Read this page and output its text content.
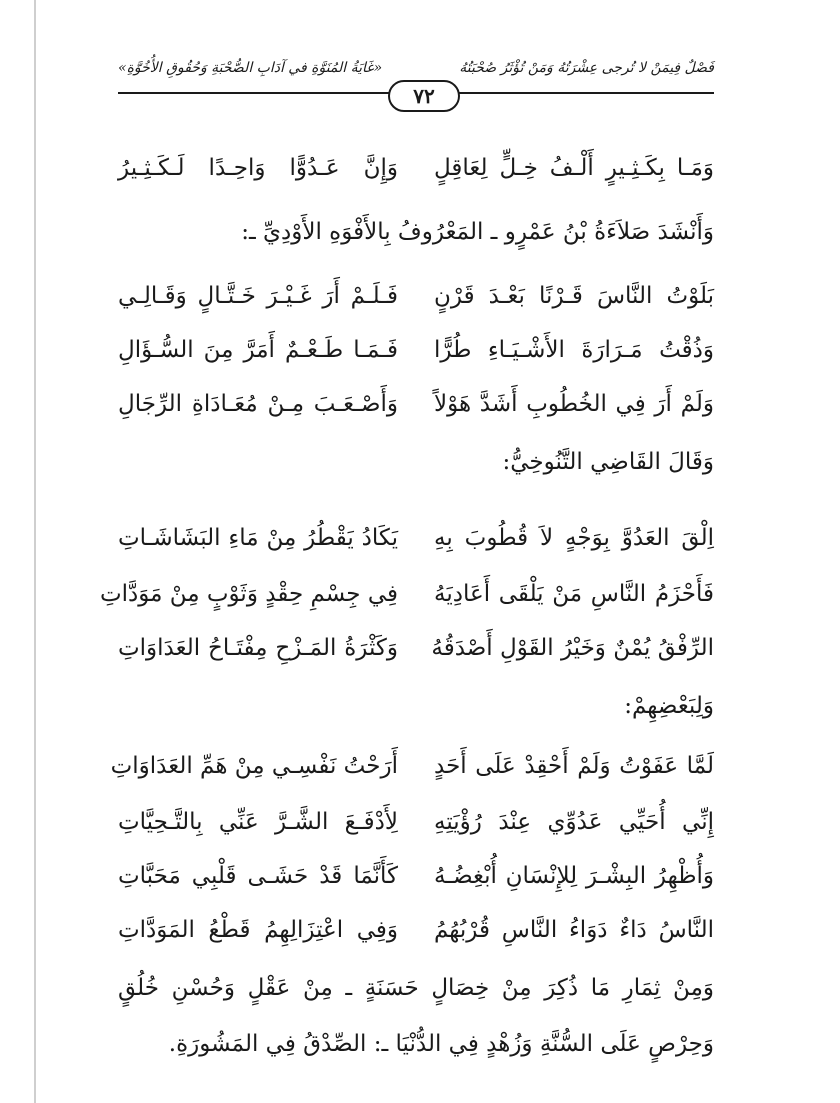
فَصْلٌ فِيمَنْ لا تُرجى عِشْرَتُهُ وَمَنْ تُؤْثَرُ صُحْبَتُهُ
«غَايَةُ المُنَوَّةِ في آدَابِ الصُّحْبَةِ وَحُقُوقِ الأُخُوَّةِ»
٧٢
وَمَـا بِكَـثِـيرٍ أَلْـفُ خِـلٍّ لِعَاقِلٍ
وَإِنَّ عَـدُوًّا وَاحِـدًا لَـكَـثِـيرُ
وَأَنْشَدَ صَلاَءَةُ بْنُ عَمْرٍو ـ المَعْرُوفُ بِالأَفْوَهِ الأَوْدِيِّ ـ:
بَلَوْتُ النَّاسَ قَـرْنًا بَعْـدَ قَرْنٍ
فَـلَـمْ أَرَ غَـيْـرَ خَـتَّـالٍ وَقَـالِـي
وَذُقْتُ مَـرَارَةَ الأَشْـيَـاءِ طُرًّا
فَـمَـا طَـعْـمٌ أَمَرَّ مِنَ السُّـؤَالِ
وَلَمْ أَرَ فِي الخُطُوبِ أَشَدَّ هَوْلاً
وَأَصْـعَـبَ مِـنْ مُعَـادَاةِ الرِّجَالِ
وَقَالَ القَاضِي التَّنُوخِيُّ:
اِلْقَ العَدُوَّ بِوَجْهٍ لاَ قُطُوبَ بِهِ
يَكَادُ يَقْطُرُ مِنْ مَاءِ البَشَاشَـاتِ
فَأَحْزَمُ النَّاسِ مَنْ يَلْقَى أَعَادِيَهُ
فِي جِسْمِ حِقْدٍ وَثَوْبٍ مِنْ مَوَدَّاتِ
الرِّفْقُ يُمْنٌ وَخَيْرُ القَوْلِ أَصْدَقُهُ
وَكَثْرَةُ المَـزْحِ مِفْتَـاحُ العَدَاوَاتِ
وَلِبَعْضِهِمْ:
لَمَّا عَفَوْتُ وَلَمْ أَحْقِدْ عَلَى أَحَدٍ
أَرَحْتُ نَفْسِـي مِنْ هَمِّ العَدَاوَاتِ
إِنِّي أُحَيِّي عَدُوِّي عِنْدَ رُؤْيَتِهِ
لِأَدْفَـعَ الشَّـرَّ عَنِّي بِالتَّـحِيَّاتِ
وَأُظْهِرُ البِشْـرَ لِلإِنْسَانِ أُبْغِضُـهُ
كَأَنَّمَا قَدْ حَشَـى قَلْبِي مَحَبَّاتِ
النَّاسُ دَاءٌ دَوَاءُ النَّاسِ قُرْبُهُمُ
وَفِي اعْتِزَالِهِمُ قَطْعُ المَوَدَّاتِ
وَمِنْ ثِمَارِ مَا ذُكِرَ مِنْ خِصَالٍ حَسَنَةٍ ـ مِنْ عَقْلٍ وَحُسْنِ خُلُقٍ
وَحِرْصٍ عَلَى السُّنَّةِ وَزُهْدٍ فِي الدُّنْيَا ـ: الصِّدْقُ فِي المَشُورَةِ.
